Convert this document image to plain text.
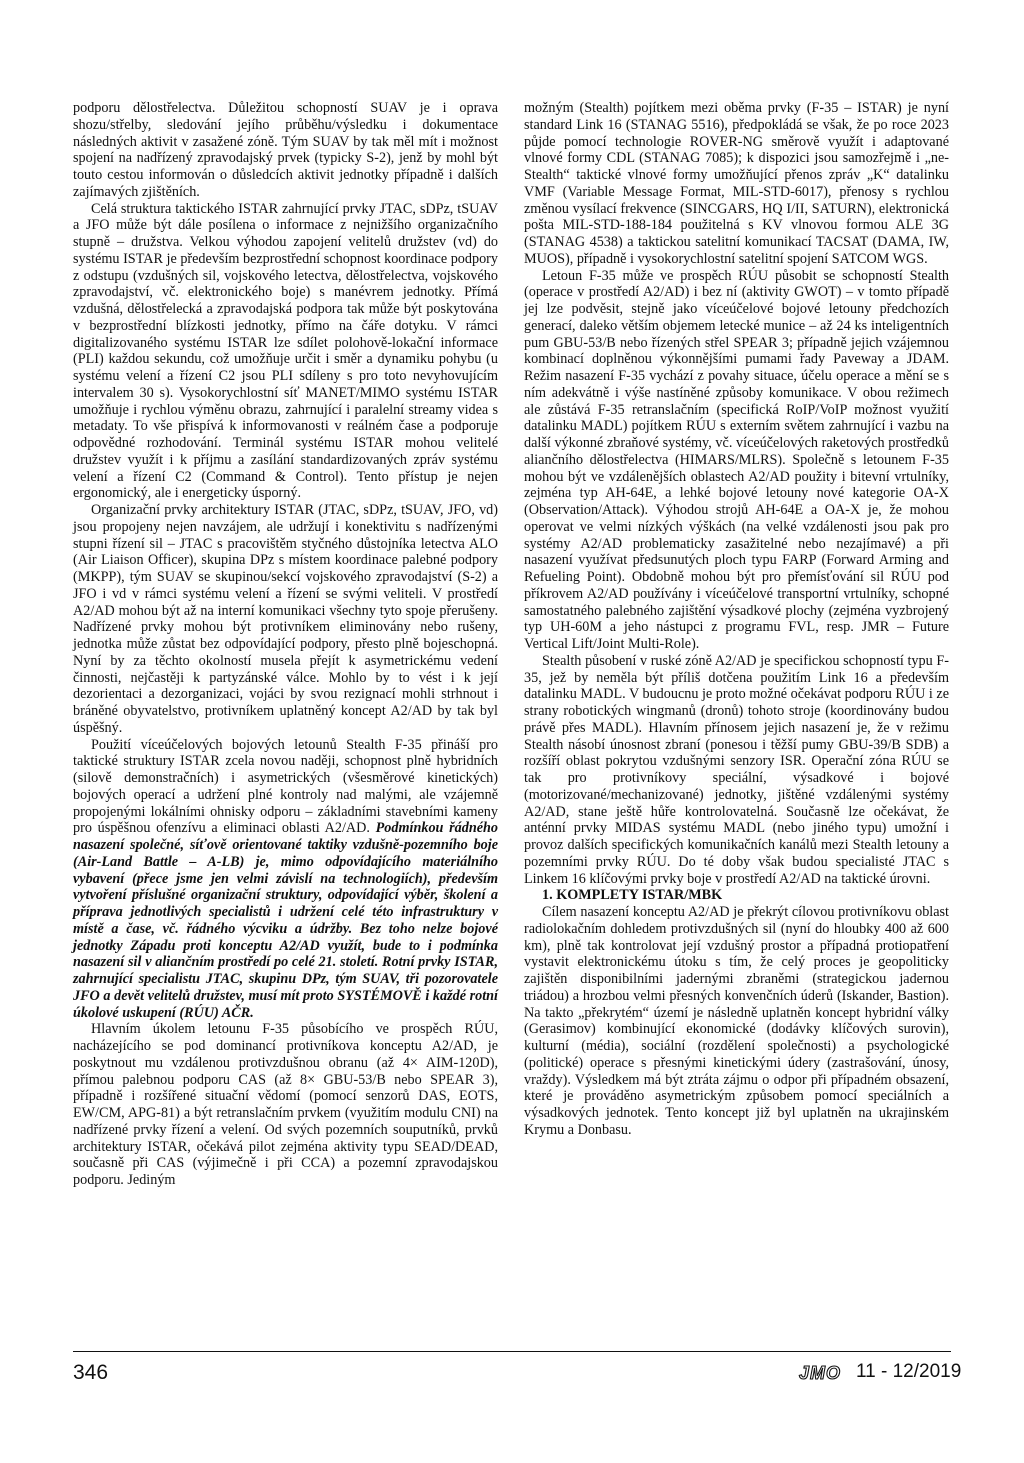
podporu dělostřelectva. Důležitou schopností SUAV je i oprava shozu/střelby, sledování jejího průběhu/výsledku i dokumentace následných aktivit v zasažené zóně. Tým SUAV by tak měl mít i možnost spojení na nadřízený zpravodajský prvek (typicky S-2), jenž by mohl být touto cestou informován o důsledcích aktivit jednotky případně i dalších zajímavých zjištěních.

Celá struktura taktického ISTAR zahrnující prvky JTAC, sDPz, tSUAV a JFO může být dále posílena o informace z nejnižšího organizačního stupně – družstva. Velkou výhodou zapojení velitelů družstev (vd) do systému ISTAR je především bezprostřední schopnost koordinace podpory z odstupu (vzdušných sil, vojskového letectva, dělostřelectva, vojskového zpravodajství, vč. elektronického boje) s manévrem jednotky. Přímá vzdušná, dělostřelecká a zpravodajská podpora tak může být poskytována v bezprostřední blízkosti jednotky, přímo na čáře dotyku. V rámci digitalizovaného systému ISTAR lze sdílet polohově-lokační informace (PLI) každou sekundu, což umožňuje určit i směr a dynamiku pohybu (u systému velení a řízení C2 jsou PLI sdíleny s pro toto nevyhovujícím intervalem 30 s). Vysokorychlostní síť MANET/MIMO systému ISTAR umožňuje i rychlou výměnu obrazu, zahrnující i paralelní streamy videa s metadaty. To vše přispívá k informovanosti v reálném čase a podporuje odpovědné rozhodování. Terminál systému ISTAR mohou velitelé družstev využít i k příjmu a zasílání standardizovaných zpráv systému velení a řízení C2 (Command & Control). Tento přístup je nejen ergonomický, ale i energeticky úsporný.

Organizační prvky architektury ISTAR (JTAC, sDPz, tSUAV, JFO, vd) jsou propojeny nejen navzájem, ale udržují i konektivitu s nadřízenými stupni řízení sil – JTAC s pracovištěm styčného důstojníka letectva ALO (Air Liaison Officer), skupina DPz s místem koordinace palebné podpory (MKPP), tým SUAV se skupinou/sekcí vojskového zpravodajství (S-2) a JFO i vd v rámci systému velení a řízení se svými veliteli. V prostředí A2/AD mohou být až na interní komunikaci všechny tyto spoje přerušeny. Nadřízené prvky mohou být protivníkem eliminovány nebo rušeny, jednotka může zůstat bez odpovídající podpory, přesto plně bojeschopná. Nyní by za těchto okolností musela přejít k asymetrickému vedení činnosti, nejčastěji k partyzánské válce. Mohlo by to vést i k její dezorientaci a dezorganizaci, vojáci by svou rezignací mohli strhnout i bráněné obyvatelstvo, protivníkem uplatněný koncept A2/AD by tak byl úspěšný.

Použití víceúčelových bojových letounů Stealth F-35 přináší pro taktické struktury ISTAR zcela novou naději, schopnost plně hybridních (silově demonstračních) i asymetrických (všesměrové kinetických) bojových operací a udržení plné kontroly nad malými, ale vzájemně propojenými lokálními ohnisky odporu – základními stavebními kameny pro úspěšnou ofenzívu a eliminaci oblasti A2/AD. Podmínkou řádného nasazení společné, síťově orientované taktiky vzdušně-pozemního boje (Air-Land Battle – A-LB) je, mimo odpovídajícího materiálního vybavení (přece jsme jen velmi závislí na technologiích), především vytvoření příslušné organizační struktury, odpovídající výběr, školení a příprava jednotlivých specialistů i udržení celé této infrastruktury v místě a čase, vč. řádného výcviku a údržby. Bez toho nelze bojové jednotky Západu proti konceptu A2/AD využít, bude to i podmínka nasazení sil v aliančním prostředí po celé 21. století. Rotní prvky ISTAR, zahrnující specialistu JTAC, skupinu DPz, tým SUAV, tři pozorovatele JFO a devět velitelů družstev, musí mít proto SYSTÉMOVĚ i každé rotní úkolové uskupení (RÚU) AČR.

Hlavním úkolem letounu F-35 působícího ve prospěch RÚU, nacházejícího se pod dominancí protivníkova konceptu A2/AD, je poskytnout mu vzdálenou protivzdušnou obranu (až 4× AIM-120D), přímou palebnou podporu CAS (až 8× GBU-53/B nebo SPEAR 3), případně i rozšířené situační vědomí (pomocí senzorů DAS, EOTS, EW/CM, APG-81) a být retranslačním prvkem (využitím modulu CNI) na nadřízené prvky řízení a velení. Od svých pozemních souputníků, prvků architektury ISTAR, očekává pilot zejména aktivity typu SEAD/DEAD, současně při CAS (výjimečně i při CCA) a pozemní zpravodajskou podporu. Jediným

možným (Stealth) pojítkem mezi oběma prvky (F-35 – ISTAR) je nyní standard Link 16 (STANAG 5516), předpokládá se však, že po roce 2023 půjde pomocí technologie ROVER-NG směrově využít i adaptované vlnové formy CDL (STANAG 7085); k dispozici jsou samozřejmě i „ne-Stealth“ taktické vlnové formy umožňující přenos zpráv „K“ datalinku VMF (Variable Message Format, MIL-STD-6017), přenosy s rychlou změnou vysílací frekvence (SINCGARS, HQ I/II, SATURN), elektronická pošta MIL-STD-188-184 použitelná s KV vlnovou formou ALE 3G (STANAG 4538) a taktickou satelitní komunikací TACSAT (DAMA, IW, MUOS), případně i vysokorychlostní satelitní spojení SATCOM WGS.

Letoun F-35 může ve prospěch RÚU působit se schopností Stealth (operace v prostředí A2/AD) i bez ní (aktivity GWOT) – v tomto případě jej lze podvěsit, stejně jako víceúčelové bojové letouny předchozích generací, daleko větším objemem letecké munice – až 24 ks inteligentních pum GBU-53/B nebo řízených střel SPEAR 3; případně jejich vzájemnou kombinací doplněnou výkonnějšími pumami řady Paveway a JDAM. Režim nasazení F-35 vychází z povahy situace, účelu operace a mění se s ním adekvátně i výše nastíněné způsoby komunikace. V obou režimech ale zůstává F-35 retranslačním (specifická RoIP/VoIP možnost využití datalinku MADL) pojítkem RÚU s externím světem zahrnující i vazbu na další výkonné zbraňové systémy, vč. víceúčelových raketových prostředků aliančního dělostřelectva (HIMARS/MLRS). Společně s letounem F-35 mohou být ve vzdálenějších oblastech A2/AD použity i bitevní vrtulníky, zejména typ AH-64E, a lehké bojové letouny nové kategorie OA-X (Observation/Attack). Výhodou strojů AH-64E a OA-X je, že mohou operovat ve velmi nízkých výškách (na velké vzdálenosti jsou pak pro systémy A2/AD problematicky zasažitelné nebo nezajímavé) a při nasazení využívat předsunutých ploch typu FARP (Forward Arming and Refueling Point). Obdobně mohou být pro přemísťování sil RÚU pod příkrovem A2/AD používány i víceúčelové transportní vrtulníky, schopné samostatného palebného zajištění výsadkové plochy (zejména vyzbrojený typ UH-60M a jeho nástupci z programu FVL, resp. JMR – Future Vertical Lift/Joint Multi-Role).

Stealth působení v ruské zóně A2/AD je specifickou schopností typu F-35, jež by neměla být příliš dotčena použitím Link 16 a především datalinku MADL. V budoucnu je proto možné očekávat podporu RÚU i ze strany robotických wingmanů (dronů) tohoto stroje (koordinovány budou právě přes MADL). Hlavním přínosem jejich nasazení je, že v režimu Stealth násobí únosnost zbraní (ponesou i těžší pumy GBU-39/B SDB) a rozšíří oblast pokrytou vzdušnými senzory ISR. Operační zóna RÚU se tak pro protivníkovy speciální, výsadkové i bojové (motorizované/mechanizované) jednotky, jištěné vzdálenými systémy A2/AD, stane ještě hůře kontrolovatelná. Současně lze očekávat, že anténní prvky MIDAS systému MADL (nebo jiného typu) umožní i provoz dalších specifických komunikačních kanálů mezi Stealth letouny a pozemními prvky RÚU. Do té doby však budou specialisté JTAC s Linkem 16 klíčovými prvky boje v prostředí A2/AD na taktické úrovni.

1. KOMPLETY ISTAR/MBK

Cílem nasazení konceptu A2/AD je překrýt cílovou protivníkovu oblast radiolokačním dohledem protivzdušných sil (nyní do hloubky 400 až 600 km), plně tak kontrolovat její vzdušný prostor a případná protiopatření vystavit elektronickému útoku s tím, že celý proces je geopoliticky zajištěn disponibilními jadernými zbraněmi (strategickou jadernou triádou) a hrozbou velmi přesných konvenčních úderů (Iskander, Bastion). Na takto „překrytém“ území je následně uplatněn koncept hybridní války (Gerasimov) kombinující ekonomické (dodávky klíčových surovin), kulturní (média), sociální (rozdělení společnosti) a psychologické (politické) operace s přesnými kinetickými údery (zastrašování, únosy, vraždy). Výsledkem má být ztráta zájmu o odpor při případném obsazení, které je prováděno asymetrickým způsobem pomocí speciálních a výsadkových jednotek. Tento koncept již byl uplatněn na ukrajinském Krymu a Donbasu.

346	JMO 11 - 12/2019
